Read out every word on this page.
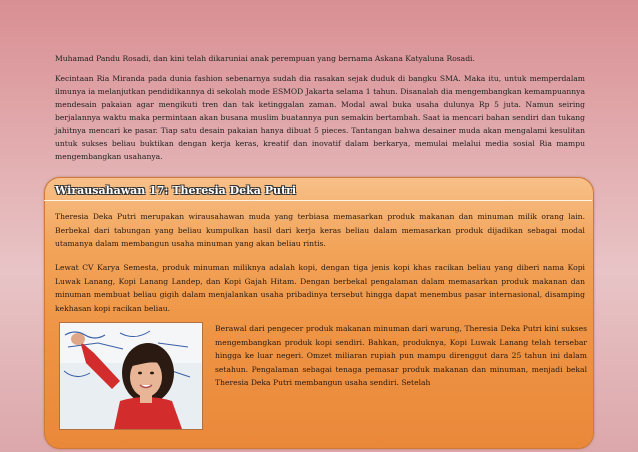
Muhamad Pandu Rosadi, dan kini telah dikaruniai anak perempuan yang bernama Askana Katyaluna Rosadi.

Kecintaan Ria Miranda pada dunia fashion sebenarnya sudah dia rasakan sejak duduk di bangku SMA. Maka itu, untuk memperdalam ilmunya ia melanjutkan pendidikannya di sekolah mode ESMOD Jakarta selama 1 tahun. Disanalah dia mengembangkan kemampuannya mendesain pakaian agar mengikuti tren dan tak ketinggalan zaman. Modal awal buka usaha dulunya Rp 5 juta. Namun seiring berjalannya waktu maka permintaan akan busana muslim buatannya pun semakin bertambah. Saat ia mencari bahan sendiri dan tukang jahitnya mencari ke pasar. Tiap satu desain pakaian hanya dibuat 5 pieces. Tantangan bahwa desainer muda akan mengalami kesulitan untuk sukses beliau buktikan dengan kerja keras, kreatif dan inovatif dalam berkarya, memulai melalui media sosial Ria mampu mengembangkan usahanya.

Wirausahawan 17: Theresia Deka Putri

Theresia Deka Putri merupakan wirausahawan muda yang terbiasa memasarkan produk makanan dan minuman milik orang lain. Berbekal dari tabungan yang beliau kumpulkan hasil dari kerja keras beliau dalam memasarkan produk dijadikan sebagai modal utamanya dalam membangun usaha minuman yang akan beliau rintis.

Lewat CV Karya Semesta, produk minuman miliknya adalah kopi, dengan tiga jenis kopi khas racikan beliau yang diberi nama Kopi Luwak Lanang, Kopi Lanang Landep, dan Kopi Gajah Hitam. Dengan berbekal pengalaman dalam memasarkan produk makanan dan minuman membuat beliau gigih dalam menjalankan usaha pribadinya tersebut hingga dapat menembus pasar internasional, disamping kekhasan kopi racikan beliau.

Berawal dari pengecer produk makanan minuman dari warung, Theresia Deka Putri kini sukses mengembangkan produk kopi sendiri. Bahkan, produknya, Kopi Luwak Lanang telah tersebar hingga ke luar negeri. Omzet miliaran rupiah pun mampu direnggut dara 25 tahun ini dalam setahun. Pengalaman sebagai tenaga pemasar produk makanan dan minuman, menjadi bekal Theresia Deka Putri membangun usaha sendiri. Setelah
